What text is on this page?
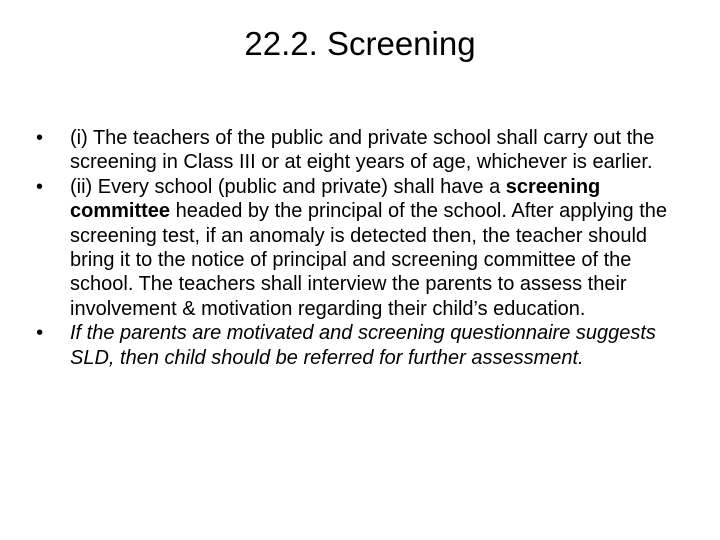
22.2. Screening
•	(i) The teachers of the public and private school shall carry out the screening in Class III or at eight years of age, whichever is earlier.
•	(ii) Every school (public and private) shall have a screening committee headed by the principal of the school. After applying the screening test, if an anomaly is detected then, the teacher should bring it to the notice of principal and screening committee of the school. The teachers shall interview the parents to assess their involvement & motivation regarding their child’s education.
•	If the parents are motivated and screening questionnaire suggests SLD, then child should be referred for further assessment.
